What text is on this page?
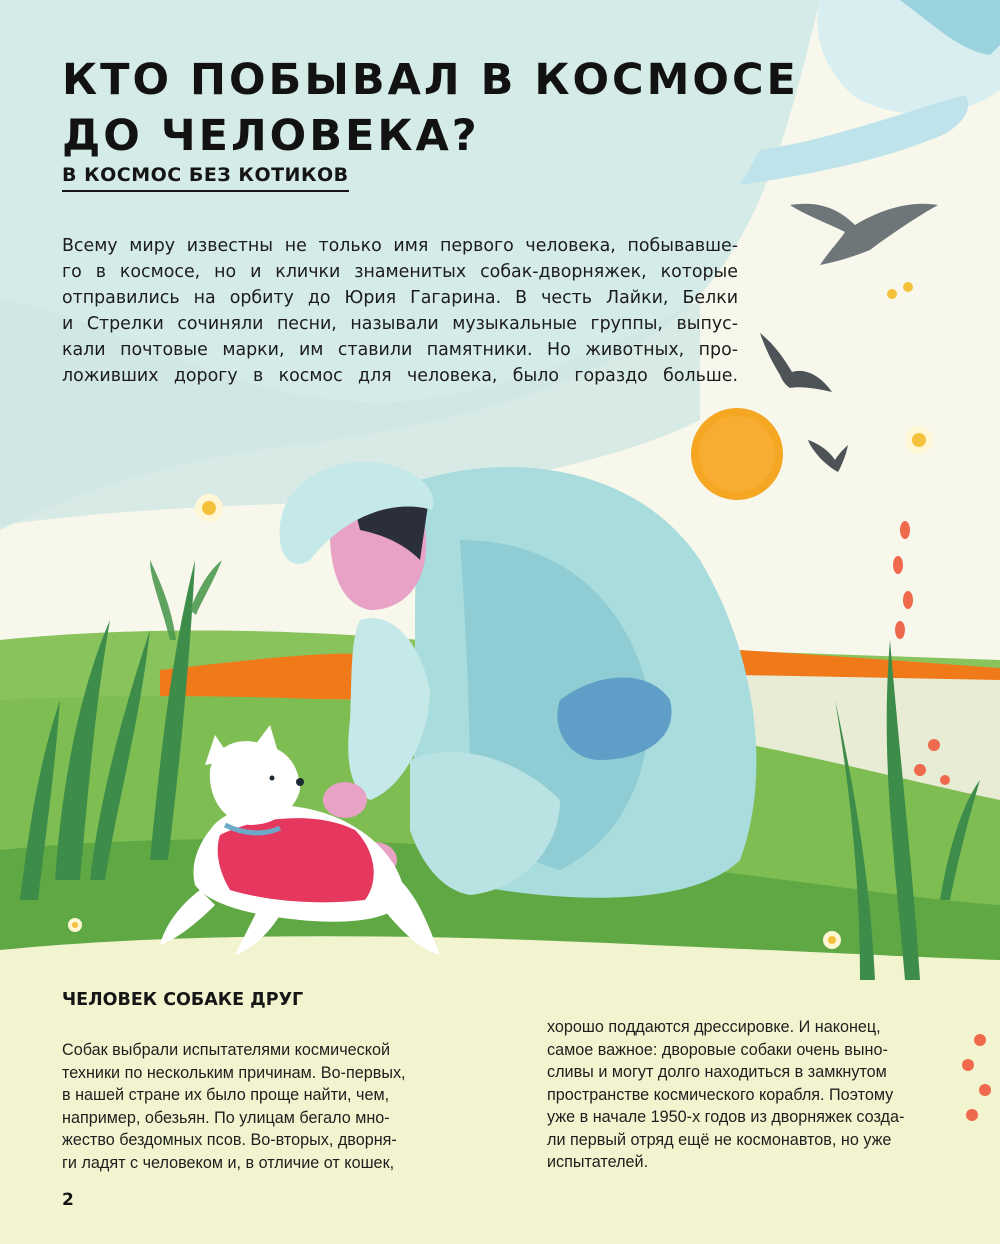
КТО ПОБЫВАЛ В КОСМОСЕ ДО ЧЕЛОВЕКА?
В КОСМОС БЕЗ КОТИКОВ

Всему миру известны не только имя первого человека, побывавше-
го в космосе, но и клички знаменитых собак-дворняжек, которые
отправились на орбиту до Юрия Гагарина. В честь Лайки, Белки
и Стрелки сочиняли песни, называли музыкальные группы, выпус-
кали почтовые марки, им ставили памятники. Но животных, про-
ложивших дорогу в космос для человека, было гораздо больше.

ЧЕЛОВЕК СОБАКЕ ДРУГ

Собак выбрали испытателями космической
техники по нескольким причинам. Во-первых,
в нашей стране их было проще найти, чем,
например, обезьян. По улицам бегало мно-
жество бездомных псов. Во-вторых, дворня-
ги ладят с человеком и, в отличие от кошек,

хорошо поддаются дрессировке. И наконец,
самое важное: дворовые собаки очень выно-
сливы и могут долго находиться в замкнутом
пространстве космического корабля. Поэтому
уже в начале 1950-х годов из дворняжек созда-
ли первый отряд ещё не космонавтов, но уже
испытателей.

2
